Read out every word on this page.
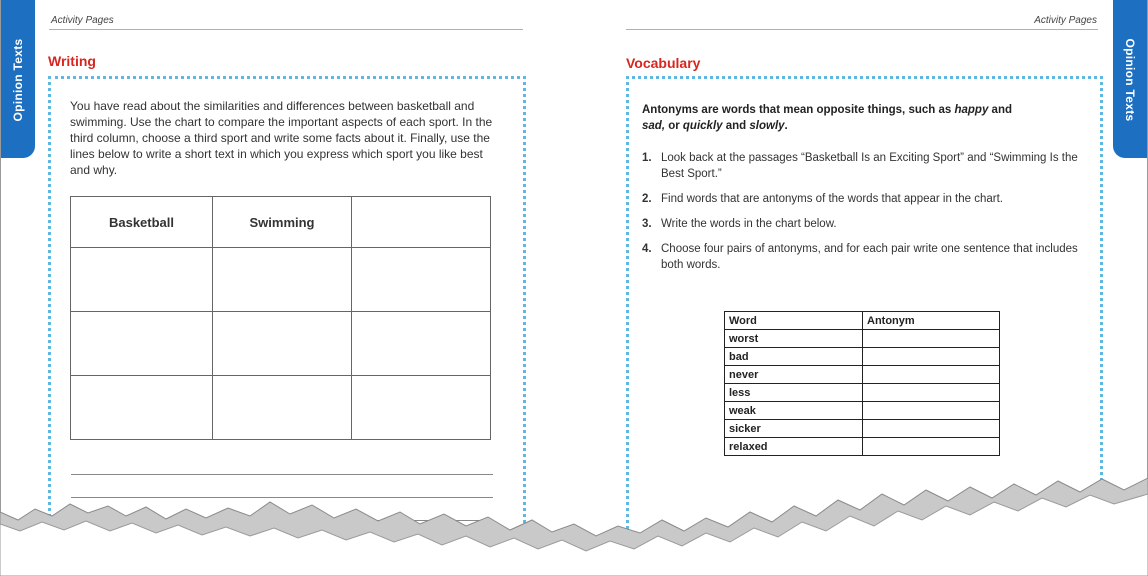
Activity Pages
Opinion Texts Writing
You have read about the similarities and differences between basketball and swimming. Use the chart to compare the important aspects of each sport. In the third column, choose a third sport and write some facts about it. Finally, use the lines below to write a short text in which you express which sport you like best and why.
Basketball	Swimming	

Activity Pages
Opinion Texts
Vocabulary
Antonyms are words that mean opposite things, such as happy and
sad, or quickly and slowly.
1. Look back at the passages “Basketball Is an Exciting Sport” and “Swimming Is the Best Sport.”
2. Find words that are antonyms of the words that appear in the chart.
3. Write the words in the chart below.
4. Choose four pairs of antonyms, and for each pair write one sentence that includes both words.
Word	Antonym
worst	
bad	
never	
less	
weak	
sicker	
relaxed	
